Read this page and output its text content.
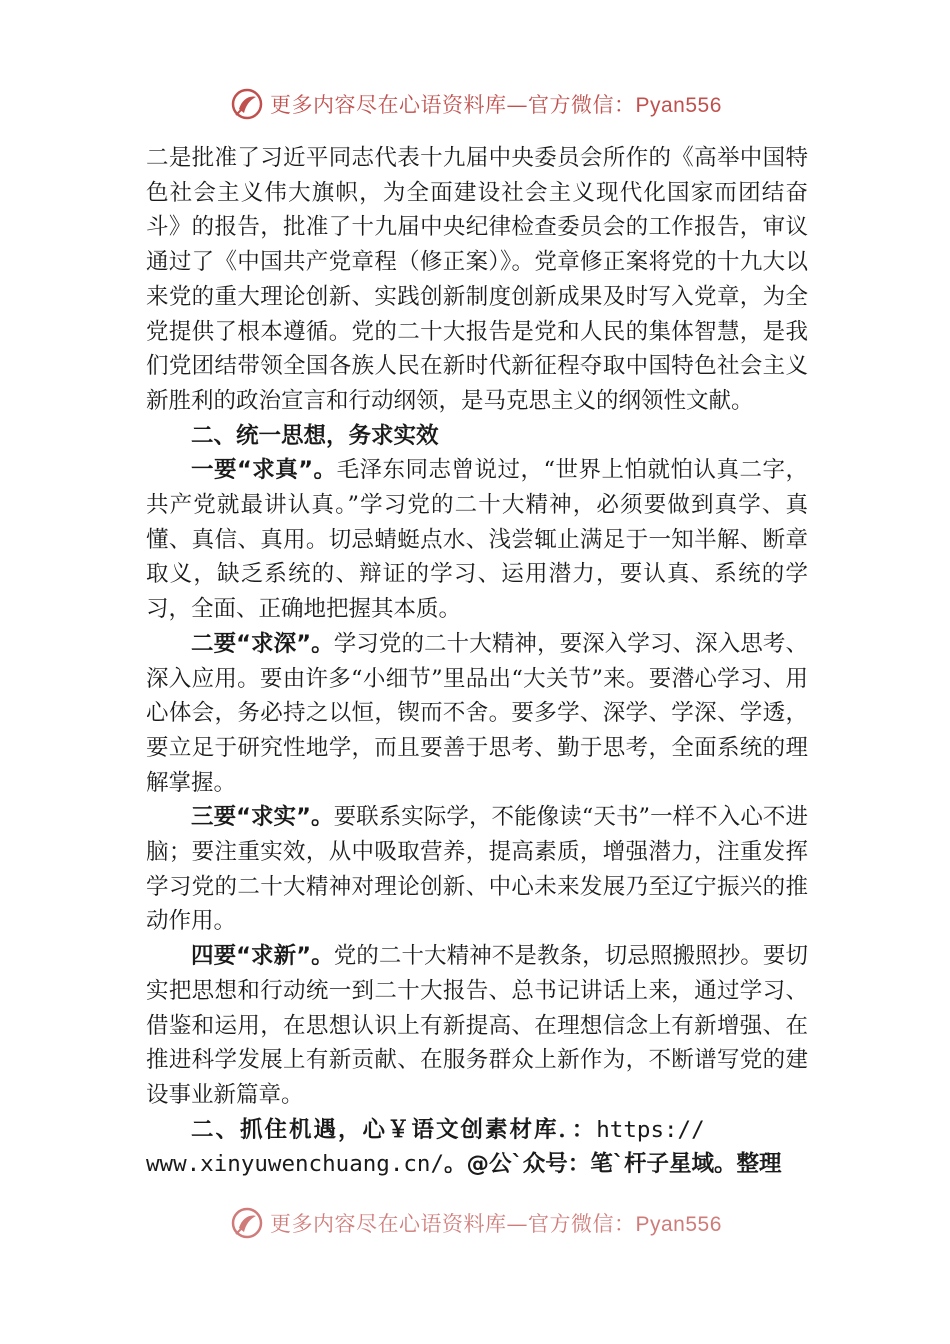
更多内容尽在心语资料库—官方微信：Pyan556

二是批准了习近平同志代表十九届中央委员会所作的《高举中国特色社会主义伟大旗帜，为全面建设社会主义现代化国家而团结奋斗》的报告，批准了十九届中央纪律检查委员会的工作报告，审议通过了《中国共产党章程（修正案）》。党章修正案将党的十九大以来党的重大理论创新、实践创新制度创新成果及时写入党章，为全党提供了根本遵循。党的二十大报告是党和人民的集体智慧，是我们党团结带领全国各族人民在新时代新征程夺取中国特色社会主义新胜利的政治宣言和行动纲领，是马克思主义的纲领性文献。

二、统一思想，务求实效

一要“求真”。毛泽东同志曾说过，“世界上怕就怕认真二字，共产党就最讲认真。”学习党的二十大精神，必须要做到真学、真懂、真信、真用。切忌蜻蜓点水、浅尝辄止满足于一知半解、断章取义，缺乏系统的、辩证的学习、运用潜力，要认真、系统的学习，全面、正确地把握其本质。

二要“求深”。学习党的二十大精神，要深入学习、深入思考、深入应用。要由许多“小细节”里品出“大关节”来。要潜心学习、用心体会，务必持之以恒，锲而不舍。要多学、深学、学深、学透，要立足于研究性地学，而且要善于思考、勤于思考，全面系统的理解掌握。

三要“求实”。要联系实际学，不能像读“天书”一样不入心不进脑；要注重实效，从中吸取营养，提高素质，增强潜力，注重发挥学习党的二十大精神对理论创新、中心未来发展乃至辽宁振兴的推动作用。

四要“求新”。党的二十大精神不是教条，切忌照搬照抄。要切实把思想和行动统一到二十大报告、总书记讲话上来，通过学习、借鉴和运用，在思想认识上有新提高、在理想信念上有新增强、在推进科学发展上有新贡献、在服务群众上新作为，不断谱写党的建设事业新篇章。

二、抓住机遇，心￥语文创素材库．：https://

www.xinyuwenchuang.cn/。@公`众号：笔`杆子星域。整理

更多内容尽在心语资料库—官方微信：Pyan556
